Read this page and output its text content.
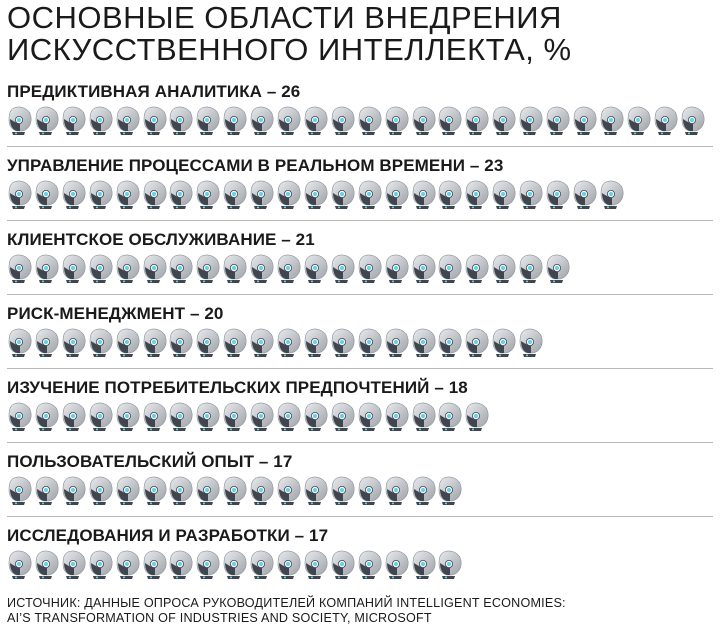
ОСНОВНЫЕ ОБЛАСТИ ВНЕДРЕНИЯ
ИСКУССТВЕННОГО ИНТЕЛЛЕКТА, %
ПРЕДИКТИВНАЯ АНАЛИТИКА – 26
УПРАВЛЕНИЕ ПРОЦЕССАМИ В РЕАЛЬНОМ ВРЕМЕНИ – 23
КЛИЕНТСКОЕ ОБСЛУЖИВАНИЕ – 21
РИСК-МЕНЕДЖМЕНТ – 20
ИЗУЧЕНИЕ ПОТРЕБИТЕЛЬСКИХ ПРЕДПОЧТЕНИЙ – 18
ПОЛЬЗОВАТЕЛЬСКИЙ ОПЫТ – 17
ИССЛЕДОВАНИЯ И РАЗРАБОТКИ – 17
ИСТОЧНИК: ДАННЫЕ ОПРОСА РУКОВОДИТЕЛЕЙ КОМПАНИЙ INTELLIGENT ECONOMIES:
AI’S TRANSFORMATION OF INDUSTRIES AND SOCIETY, MICROSOFT
